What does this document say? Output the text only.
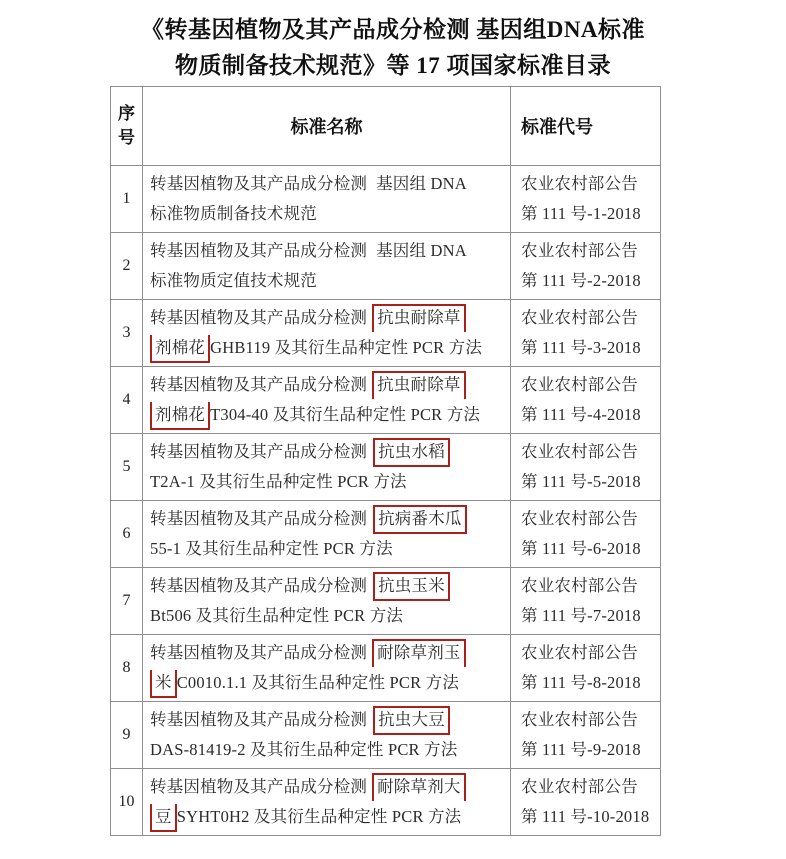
《转基因植物及其产品成分检测 基因组DNA标准
物质制备技术规范》等 17 项国家标准目录
序
号	标准名称	标准代号
1	转基因植物及其产品成分检测 基因组 DNA
标准物质制备技术规范	农业农村部公告
第 111 号-1-2018

2	转基因植物及其产品成分检测 基因组 DNA
标准物质定值技术规范	农业农村部公告
第 111 号-2-2018

3	转基因植物及其产品成分检测 抗虫耐除草
剂棉花 GHB119 及其衍生品种定性 PCR 方法	农业农村部公告
第 111 号-3-2018

4	转基因植物及其产品成分检测 抗虫耐除草
剂棉花 T304-40 及其衍生品种定性 PCR 方法	农业农村部公告
第 111 号-4-2018

5	转基因植物及其产品成分检测 抗虫水稻
T2A-1 及其衍生品种定性 PCR 方法	农业农村部公告
第 111 号-5-2018

6	转基因植物及其产品成分检测 抗病番木瓜
55-1 及其衍生品种定性 PCR 方法	农业农村部公告
第 111 号-6-2018

7	转基因植物及其产品成分检测 抗虫玉米
Bt506 及其衍生品种定性 PCR 方法	农业农村部公告
第 111 号-7-2018

8	转基因植物及其产品成分检测 耐除草剂玉
米 C0010.1.1 及其衍生品种定性 PCR 方法	农业农村部公告
第 111 号-8-2018

9	转基因植物及其产品成分检测 抗虫大豆
DAS-81419-2 及其衍生品种定性 PCR 方法	农业农村部公告
第 111 号-9-2018

10	转基因植物及其产品成分检测 耐除草剂大
豆 SYHT0H2 及其衍生品种定性 PCR 方法	农业农村部公告
第 111 号-10-2018
